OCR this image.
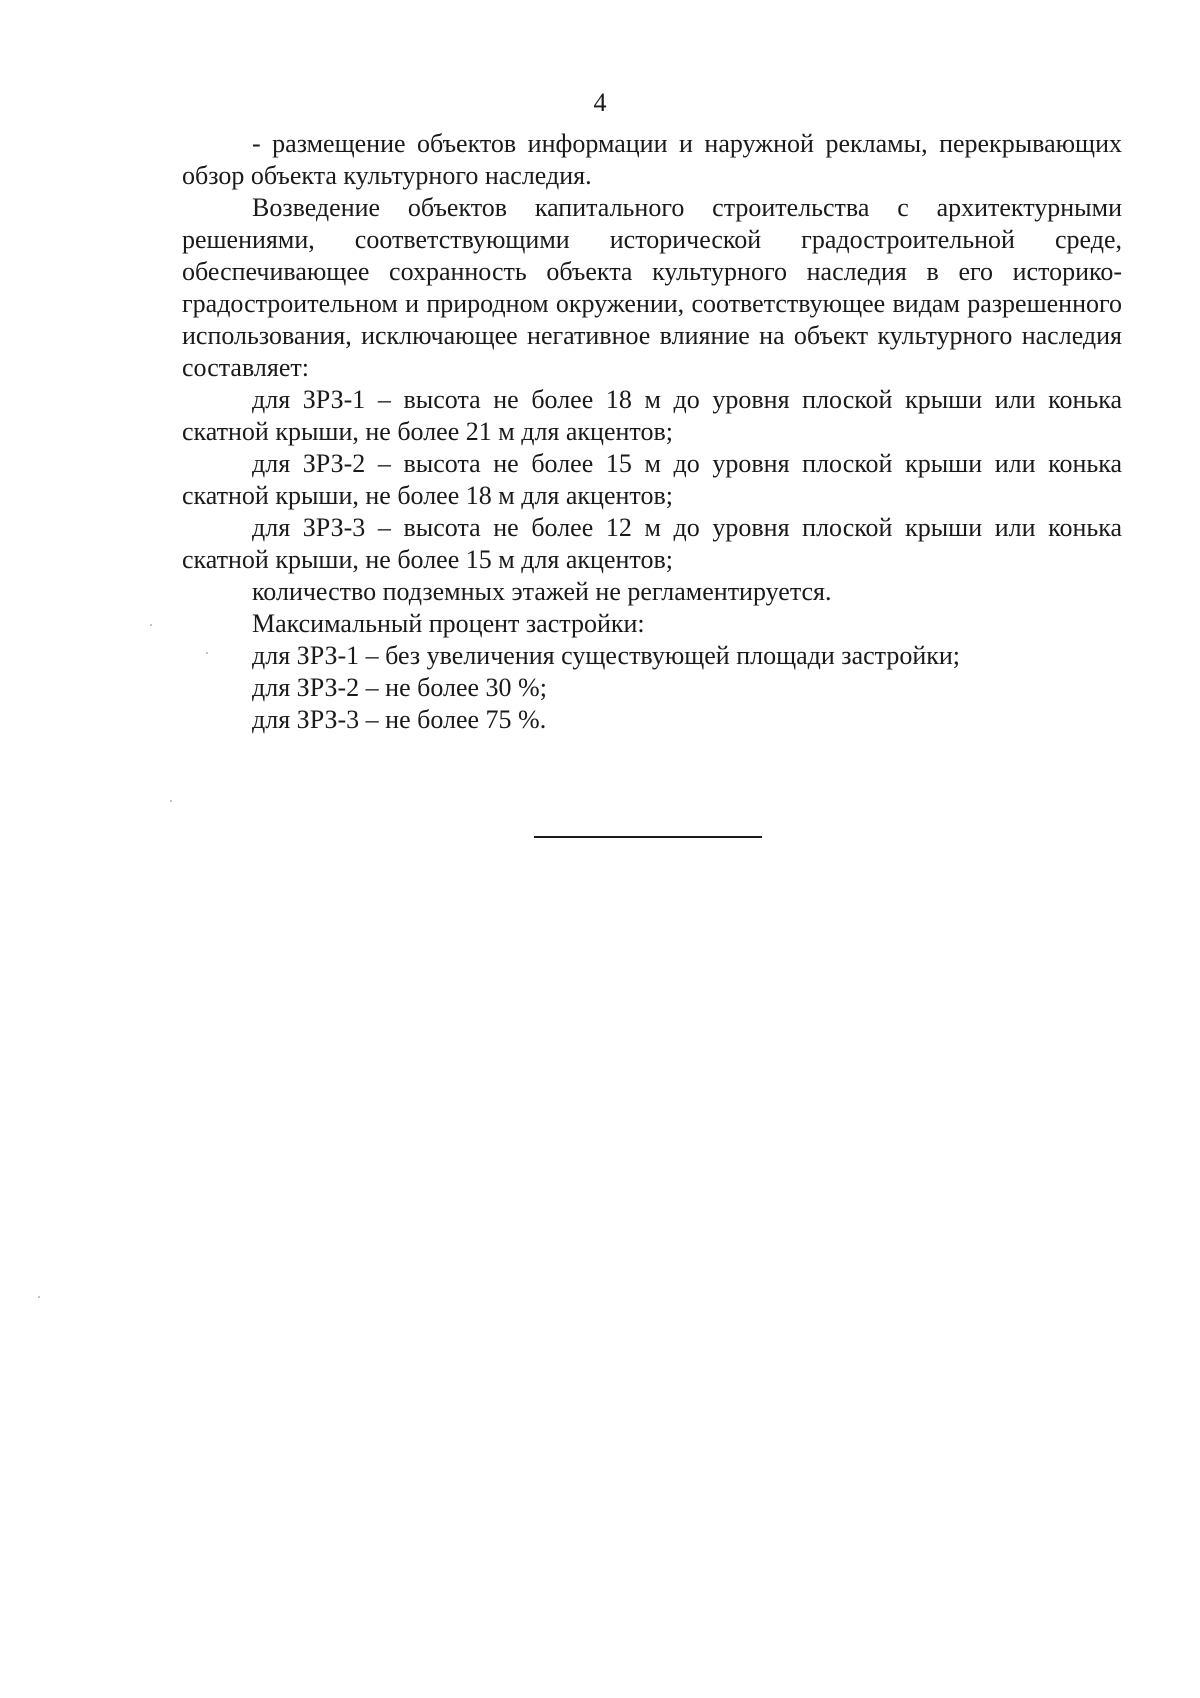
4

- размещение объектов информации и наружной рекламы, перекрывающих обзор объекта культурного наследия.

Возведение объектов капитального строительства с архитектурными решениями, соответствующими исторической градостроительной среде, обеспечивающее сохранность объекта культурного наследия в его историко-градостроительном и природном окружении, соответствующее видам разрешенного использования, исключающее негативное влияние на объект культурного наследия составляет:

для ЗРЗ-1 – высота не более 18 м до уровня плоской крыши или конька скатной крыши, не более 21 м для акцентов;

для ЗРЗ-2 – высота не более 15 м до уровня плоской крыши или конька скатной крыши, не более 18 м для акцентов;

для ЗРЗ-3 – высота не более 12 м до уровня плоской крыши или конька скатной крыши, не более 15 м для акцентов;

количество подземных этажей не регламентируется.

Максимальный процент застройки:

для ЗРЗ-1 – без увеличения существующей площади застройки;

для ЗРЗ-2 – не более 30 %;

для ЗРЗ-3 – не более 75 %.
